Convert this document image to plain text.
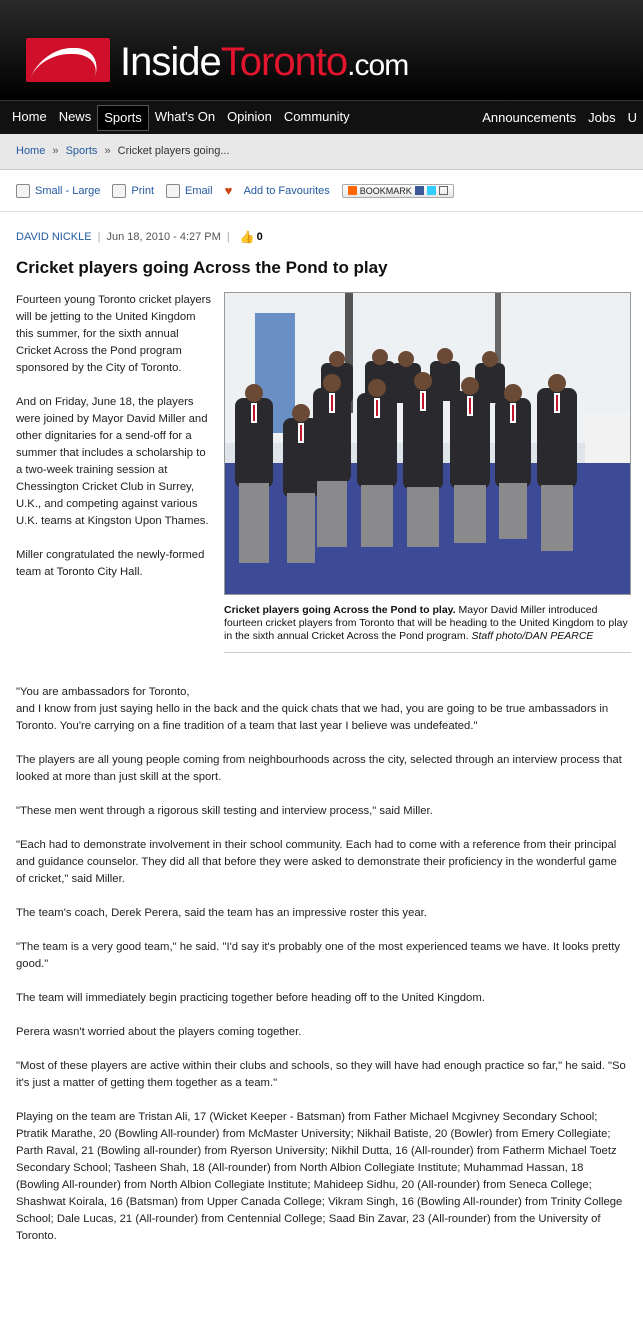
InsideToronto.com
Home News	Sports	What's On Opinion Community	Announcements Jobs U
Home » Sports » Cricket players going...
Small - Large	Print	Email ♥	Add to Favourites	BOOKMARK
DAVID NICKLE | Jun 18, 2010 - 4:27 PM | 👍 0
Cricket players going Across the Pond to play

Fourteen young Toronto cricket players will be jetting to the United Kingdom this summer, for the sixth annual Cricket Across the Pond program sponsored by the City of Toronto.

And on Friday, June 18, the players were joined by Mayor David Miller and other dignitaries for a send-off for a summer that includes a scholarship to a two-week training session at Chessington Cricket Club in Surrey, U.K., and competing against various U.K. teams at Kingston Upon Thames.

Miller congratulated the newly-formed team at Toronto City Hall.

Cricket players going Across the Pond to play. Mayor David Miller introduced fourteen cricket players from Toronto that will be heading to the United Kingdom to play in the sixth annual Cricket Across the Pond program. Staff photo/DAN PEARCE
"You are ambassadors for Toronto,

and I know from just saying hello in the back and the quick chats that we had, you are going to be true ambassadors in Toronto. You're carrying on a fine tradition of a team that last year I believe was undefeated."

The players are all young people coming from neighbourhoods across the city, selected through an interview process that looked at more than just skill at the sport.

"These men went through a rigorous skill testing and interview process," said Miller.

"Each had to demonstrate involvement in their school community. Each had to come with a reference from their principal and guidance counselor. They did all that before they were asked to demonstrate their proficiency in the wonderful game of cricket," said Miller.

The team's coach, Derek Perera, said the team has an impressive roster this year.

"The team is a very good team," he said. "I'd say it's probably one of the most experienced teams we have. It looks pretty good."

The team will immediately begin practicing together before heading off to the United Kingdom.

Perera wasn't worried about the players coming together.

"Most of these players are active within their clubs and schools, so they will have had enough practice so far," he said. "So it's just a matter of getting them together as a team."

Playing on the team are Tristan Ali, 17 (Wicket Keeper - Batsman) from Father Michael Mcgivney Secondary School; Ptratik Marathe, 20 (Bowling All-rounder) from McMaster University; Nikhail Batiste, 20 (Bowler) from Emery Collegiate; Parth Raval, 21 (Bowling all-rounder) from Ryerson University; Nikhil Dutta, 16 (All-rounder) from Fatherm Michael Toetz Secondary School; Tasheen Shah, 18 (All-rounder) from North Albion Collegiate Institute; Muhammad Hassan, 18 (Bowling All-rounder) from North Albion Collegiate Institute; Mahideep Sidhu, 20 (All-rounder) from Seneca College; Shashwat Koirala, 16 (Batsman) from Upper Canada College; Vikram Singh, 16 (Bowling All-rounder) from Trinity College School; Dale Lucas, 21 (All-rounder) from Centennial College; Saad Bin Zavar, 23 (All-rounder) from the University of Toronto.
